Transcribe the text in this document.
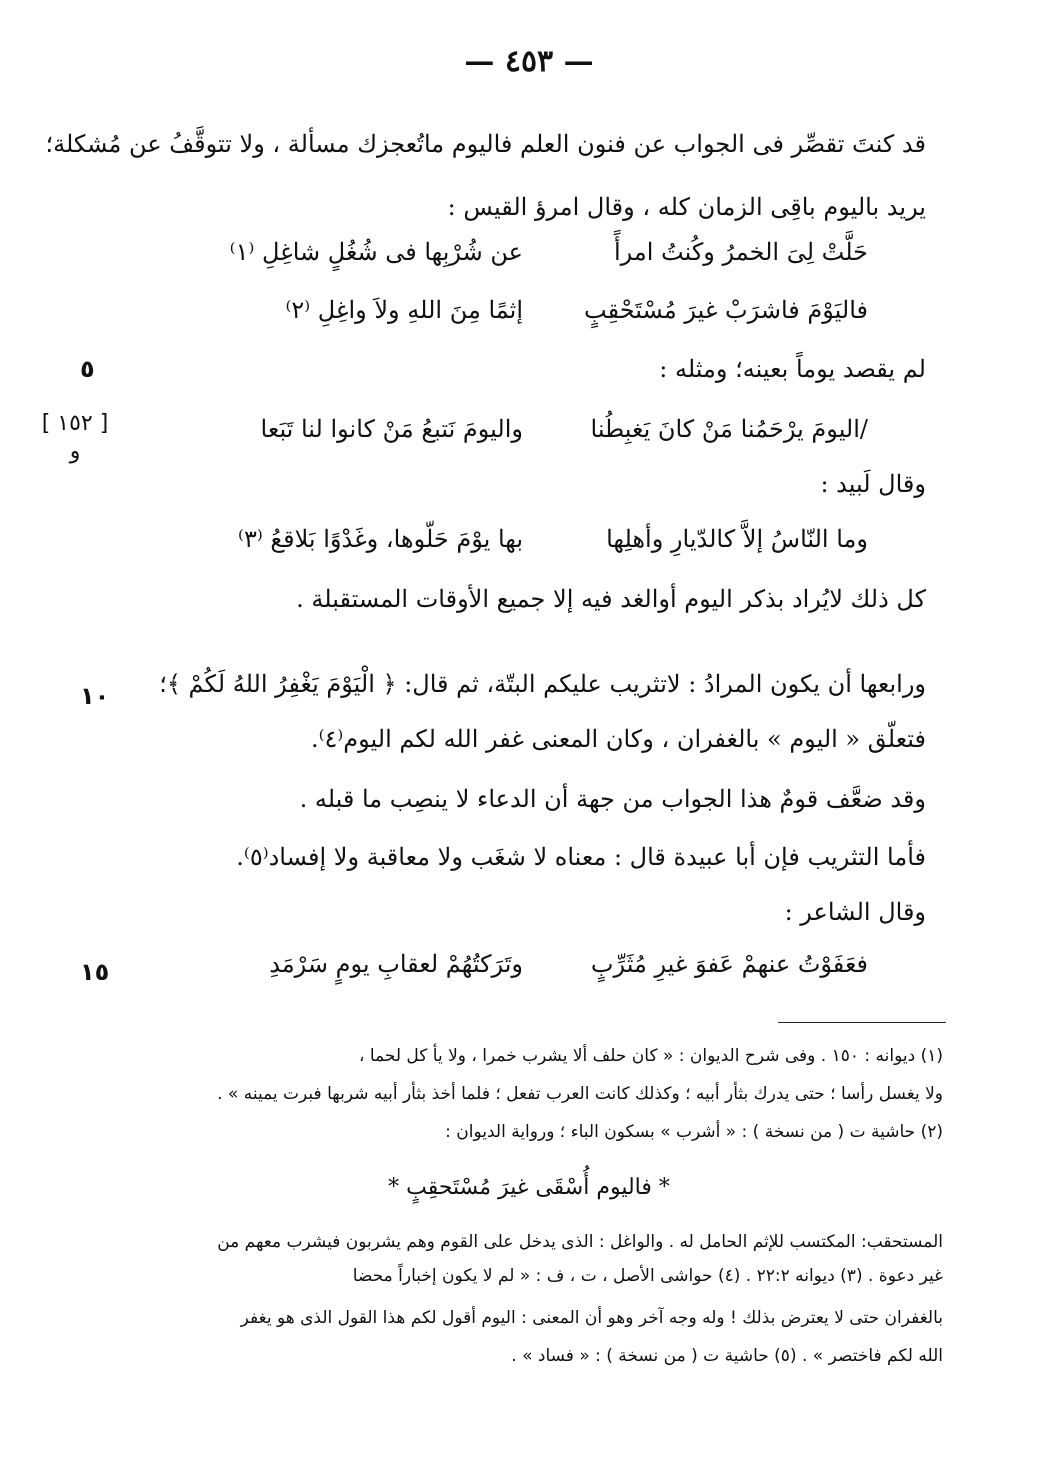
— ٤٥٣ —
قد كنتَ تقصِّر فى الجواب عن فنون العلم فاليوم ماتُعجزك مسألة ، ولا تتوقَّفُ عن مُشكلة؛
يريد باليوم باقِى الزمان كله ، وقال امرؤ القيس :
حَلَّتْ لِىَ الخمرُ وكُنتُ امرأً
عن شُرْبِها فى شُغُلٍ شاغِلِ ⁽١⁾
فاليَوْمَ فاشرَبْ غيرَ مُسْتَحْقِبٍ
إثمًا مِنَ اللهِ ولاَ واغِلِ ⁽٢⁾
لم يقصد يوماً بعينه؛ ومثله :
٥
[ ١٥٢ ]
و
/اليومَ يرْحَمُنا مَنْ كانَ يَغبِطُنا
واليومَ نَتبعُ مَنْ كانوا لنا تَبَعا
وقال لَبيد :
وما النّاسُ إلاَّ كالدّيارِ وأهلِها
بها يوْمَ حَلّوها، وغَدْوًا بَلاقعُ ⁽٣⁾
كل ذلك لايُراد بذكر اليوم أوالغد فيه إلا جميع الأوقات المستقبلة .
ورابعها أن يكون المرادُ : لاتثريب عليكم البتّة، ثم قال: ﴿ الْيَوْمَ يَغْفِرُ اللهُ لَكُمْ ﴾؛
١٠
فتعلّق « اليوم » بالغفران ، وكان المعنى غفر الله لكم اليوم⁽٤⁾.
وقد ضعَّف قومٌ هذا الجواب من جهة أن الدعاء لا ينصِب ما قبله .
فأما التثريب فإن أبا عبيدة قال : معناه لا شغَب ولا معاقبة ولا إفساد⁽٥⁾.
وقال الشاعر :
فعَفَوْتُ عنهمْ عَفوَ غيرِ مُثَرِّبٍ
وتَرَكتُهُمْ لعقابِ يومٍ سَرْمَدِ
١٥
(١) ديوانه : ١٥٠ . وفى شرح الديوان : « كان حلف ألا يشرب خمرا ، ولا يأ كل لحما ،
ولا يغسل رأسا ؛ حتى يدرك بثأر أبيه ؛ وكذلك كانت العرب تفعل ؛ فلما أخذ بثأر أبيه شربها فبرت يمينه » .
(٢) حاشية ت ( من نسخة ) : « أشرب » بسكون الباء ؛ ورواية الديوان :
* فاليوم أُسْقَى غيرَ مُسْتَحقِبٍ *
المستحقب: المكتسب للإثم الحامل له . والواغل : الذى يدخل على القوم وهم يشربون فيشرب معهم من
غير دعوة . (٣) ديوانه ٢٢:٢ . (٤) حواشى الأصل ، ت ، ف : « لم لا يكون إخباراً محضا
بالغفران حتى لا يعترض بذلك ! وله وجه آخر وهو أن المعنى : اليوم أقول لكم هذا القول الذى هو يغفر
الله لكم فاختصر » . (٥) حاشية ت ( من نسخة ) : « فساد » .
